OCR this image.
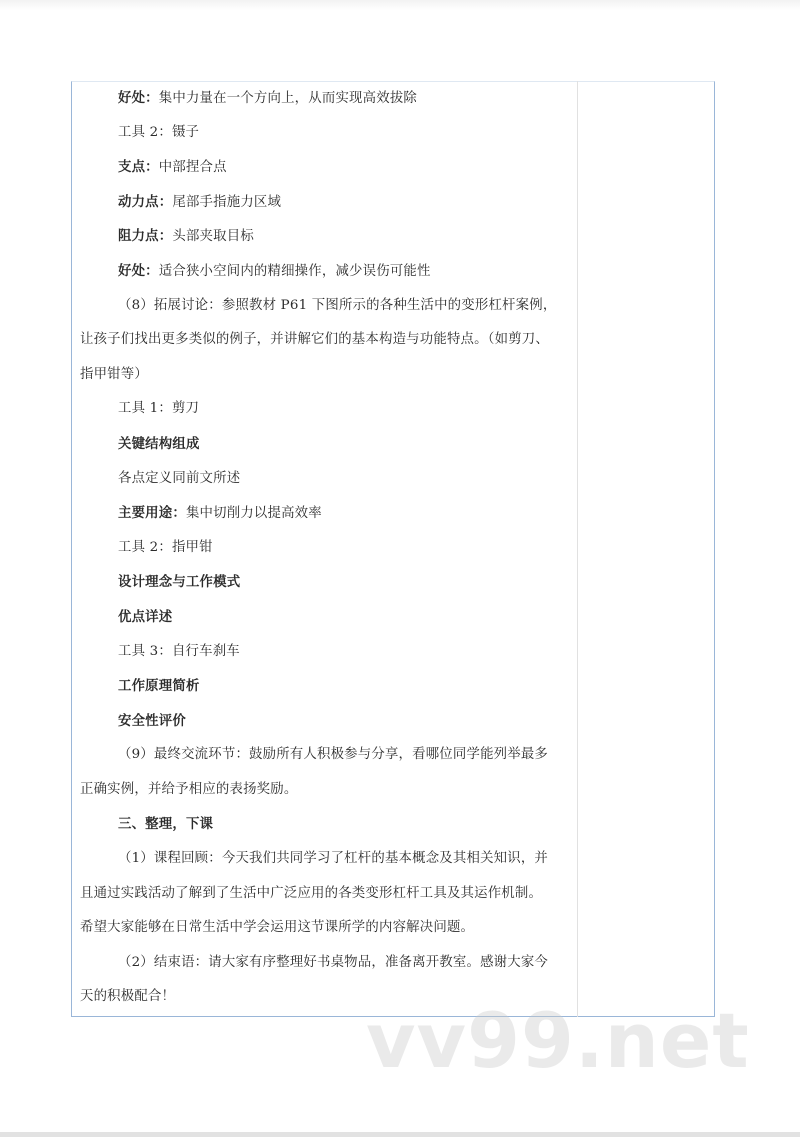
好处：集中力量在一个方向上，从而实现高效拔除
工具 2：镊子
支点：中部捏合点
动力点：尾部手指施力区域
阻力点：头部夹取目标
好处：适合狭小空间内的精细操作，减少误伤可能性
（8）拓展讨论：参照教材 P61 下图所示的各种生活中的变形杠杆案例，
让孩子们找出更多类似的例子，并讲解它们的基本构造与功能特点。（如剪刀、
指甲钳等）
工具 1：剪刀
关键结构组成
各点定义同前文所述
主要用途：集中切削力以提高效率
工具 2：指甲钳
设计理念与工作模式
优点详述
工具 3：自行车刹车
工作原理简析
安全性评价
（9）最终交流环节：鼓励所有人积极参与分享，看哪位同学能列举最多
正确实例，并给予相应的表扬奖励。
三、整理，下课
（1）课程回顾：今天我们共同学习了杠杆的基本概念及其相关知识，并
且通过实践活动了解到了生活中广泛应用的各类变形杠杆工具及其运作机制。
希望大家能够在日常生活中学会运用这节课所学的内容解决问题。
（2）结束语：请大家有序整理好书桌物品，准备离开教室。感谢大家今
天的积极配合！	vv99.net
